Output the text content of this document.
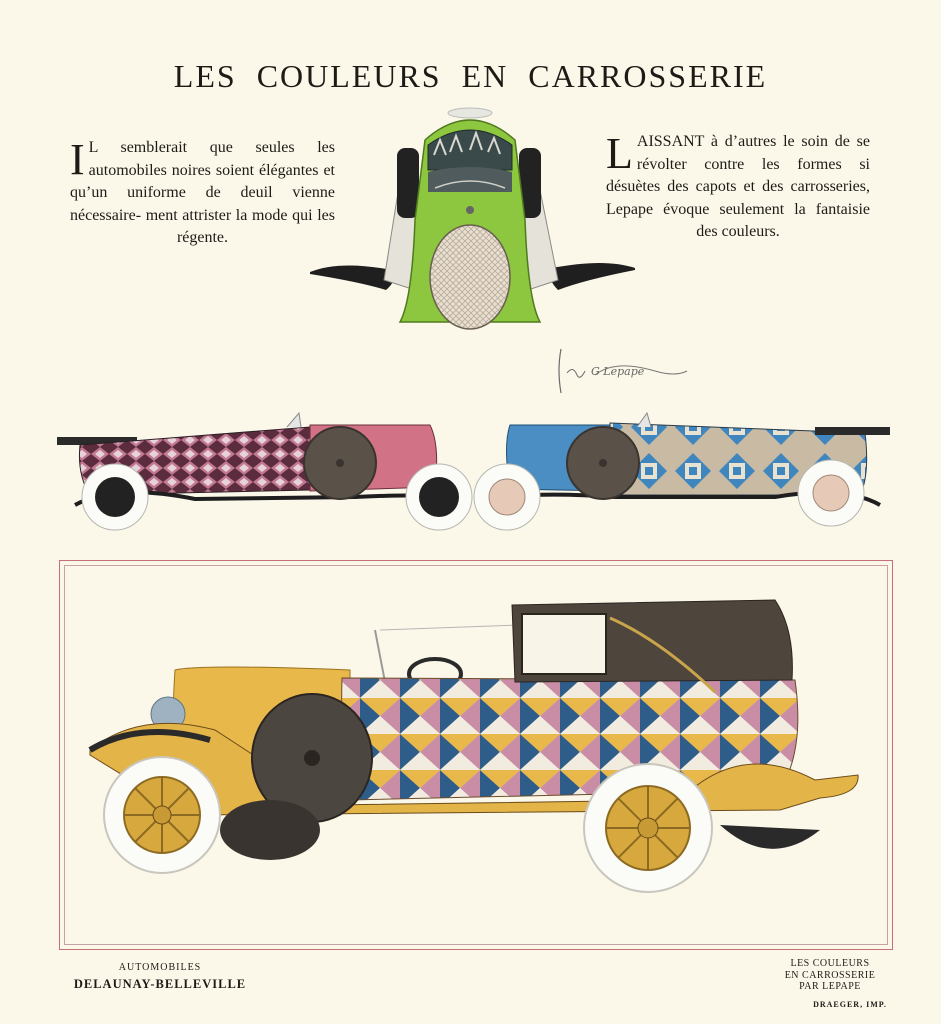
LES COULEURS EN CARROSSERIE
I L semblerait que seules les automobiles noires soient élégantes et qu’un uniforme de deuil vienne nécessaire- ment attrister la mode qui les régente.
LAISSANT à d’autres le soin de se révolter contre les formes si désuètes des capots et des carrosseries, Lepape évoque seulement la fantaisie des couleurs.
G Lepape
AUTOMOBILES
DELAUNAY-BELLEVILLE
LES COULEURS
EN CARROSSERIE
PAR LEPAPE
DRAEGER, IMP.
